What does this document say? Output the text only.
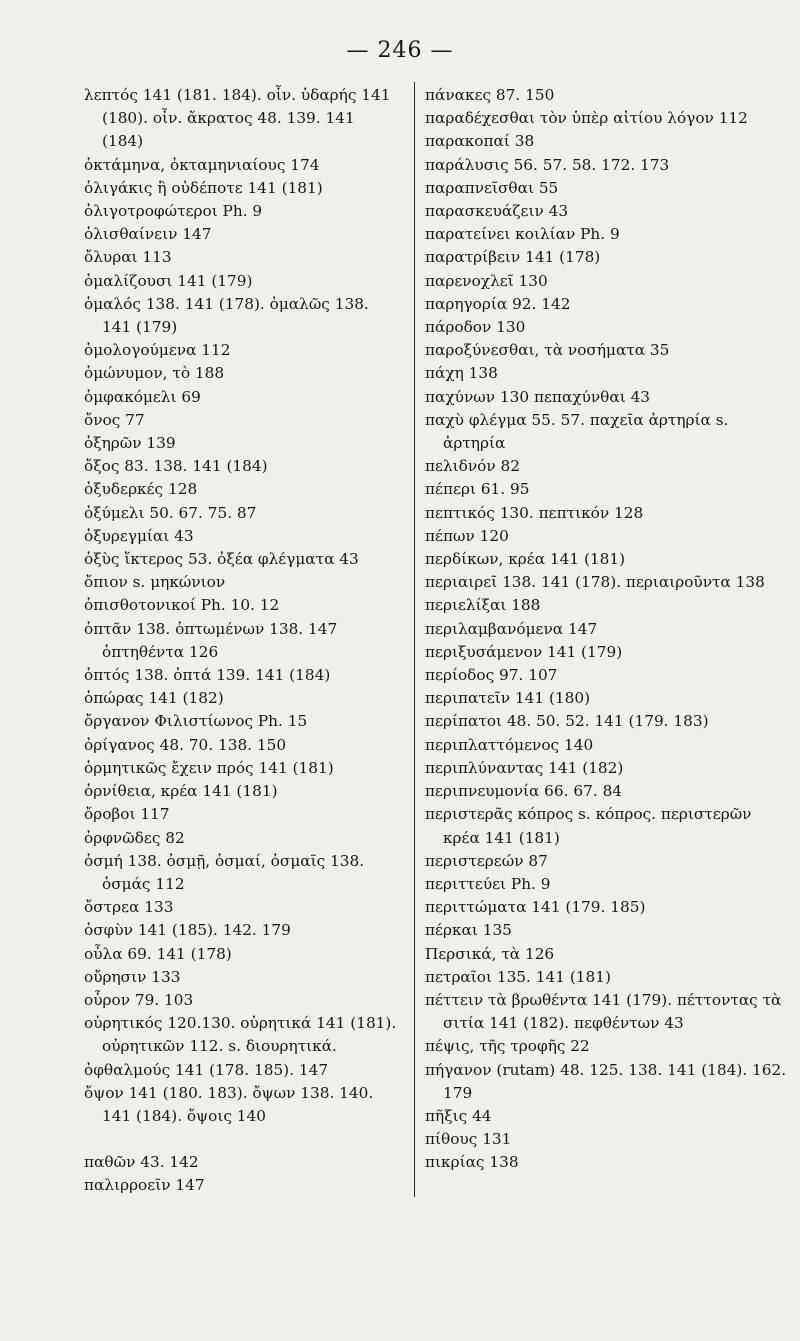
— 246 —
λεπτός 141 (181. 184). οἶν. ὑδαρής 141 (180). οἶν. ἄκρατος 48. 139. 141 (184)
ὀκτάμηνα, ὀκταμηνιαίους 174
ὀλιγάκις ἢ οὐδέποτε 141 (181)
ὀλιγοτροφώτεροι Ph. 9
ὀλισθαίνειν 147
ὄλυραι 113
ὁμαλίζουσι 141 (179)
ὁμαλός 138. 141 (178). ὁμαλῶς 138. 141 (179)
ὁμολογούμενα 112
ὁμώνυμον, τὸ 188
ὀμφακόμελι 69
ὄνος 77
ὀξηρῶν 139
ὄξος 83. 138. 141 (184)
ὀξυδερκές 128
ὀξύμελι 50. 67. 75. 87
ὀξυρεγμίαι 43
ὀξὺς ἴκτερος 53. ὀξέα φλέγματα 43
ὄπιον s. μηκώνιον
ὀπισθοτονικοί Ph. 10. 12
ὀπτᾶν 138. ὀπτωμένων 138. 147 ὀπτηθέντα 126
ὀπτός 138. ὀπτά 139. 141 (184)
ὀπώρας 141 (182)
ὄργανον Φιλιστίωνος Ph. 15
ὀρίγανος 48. 70. 138. 150
ὁρμητικῶς ἔχειν πρός 141 (181)
ὀρνίθεια, κρέα 141 (181)
ὄροβοι 117
ὀρφνῶδες 82
ὀσμή 138. ὀσμῇ, ὀσμαί, ὀσμαῖς 138. ὀσμάς 112
ὄστρεα 133
ὀσφὺν 141 (185). 142. 179
οὖλα 69. 141 (178)
οὔρησιν 133
οὖρον 79. 103
οὐρητικός 120.130. οὐρητικά 141 (181). οὐρητικῶν 112. s. διουρητικά.
ὀφθαλμούς 141 (178. 185). 147
ὄψον 141 (180. 183). ὄψων 138. 140. 141 (184). ὄψοις 140
παθῶν 43. 142
παλιρροεῖν 147
πάνακες 87. 150
παραδέχεσθαι τὸν ὑπὲρ αἰτίου λόγον 112
παρακοπαί 38
παράλυσις 56. 57. 58. 172. 173
παραπνεῖσθαι 55
παρασκευάζειν 43
παρατείνει κοιλίαν Ph. 9
παρατρίβειν 141 (178)
παρενοχλεῖ 130
παρηγορία 92. 142
πάροδον 130
παροξύνεσθαι, τὰ νοσήματα 35
πάχη 138
παχύνων 130 πεπαχύνθαι 43
παχὺ φλέγμα 55. 57. παχεῖα ἀρτηρία s. ἀρτηρία
πελιδνόν 82
πέπερι 61. 95
πεπτικός 130. πεπτικόν 128
πέπων 120
περδίκων, κρέα 141 (181)
περιαιρεῖ 138. 141 (178). περιαιροῦντα 138
περιελίξαι 188
περιλαμβανόμενα 147
περιξυσάμενον 141 (179)
περίοδος 97. 107
περιπατεῖν 141 (180)
περίπατοι 48. 50. 52. 141 (179. 183)
περιπλαττόμενος 140
περιπλύναντας 141 (182)
περιπνευμονία 66. 67. 84
περιστερᾶς κόπρος s. κόπρος. περιστερῶν κρέα 141 (181)
περιστερεών 87
περιττεύει Ph. 9
περιττώματα 141 (179. 185)
πέρκαι 135
Περσικά, τὰ 126
πετραῖοι 135. 141 (181)
πέττειν τὰ βρωθέντα 141 (179). πέττοντας τὰ σιτία 141 (182). πεφθέντων 43
πέψις, τῆς τροφῆς 22
πήγανον (rutam) 48. 125. 138. 141 (184). 162. 179
πῆξις 44
πίθους 131
πικρίας 138
